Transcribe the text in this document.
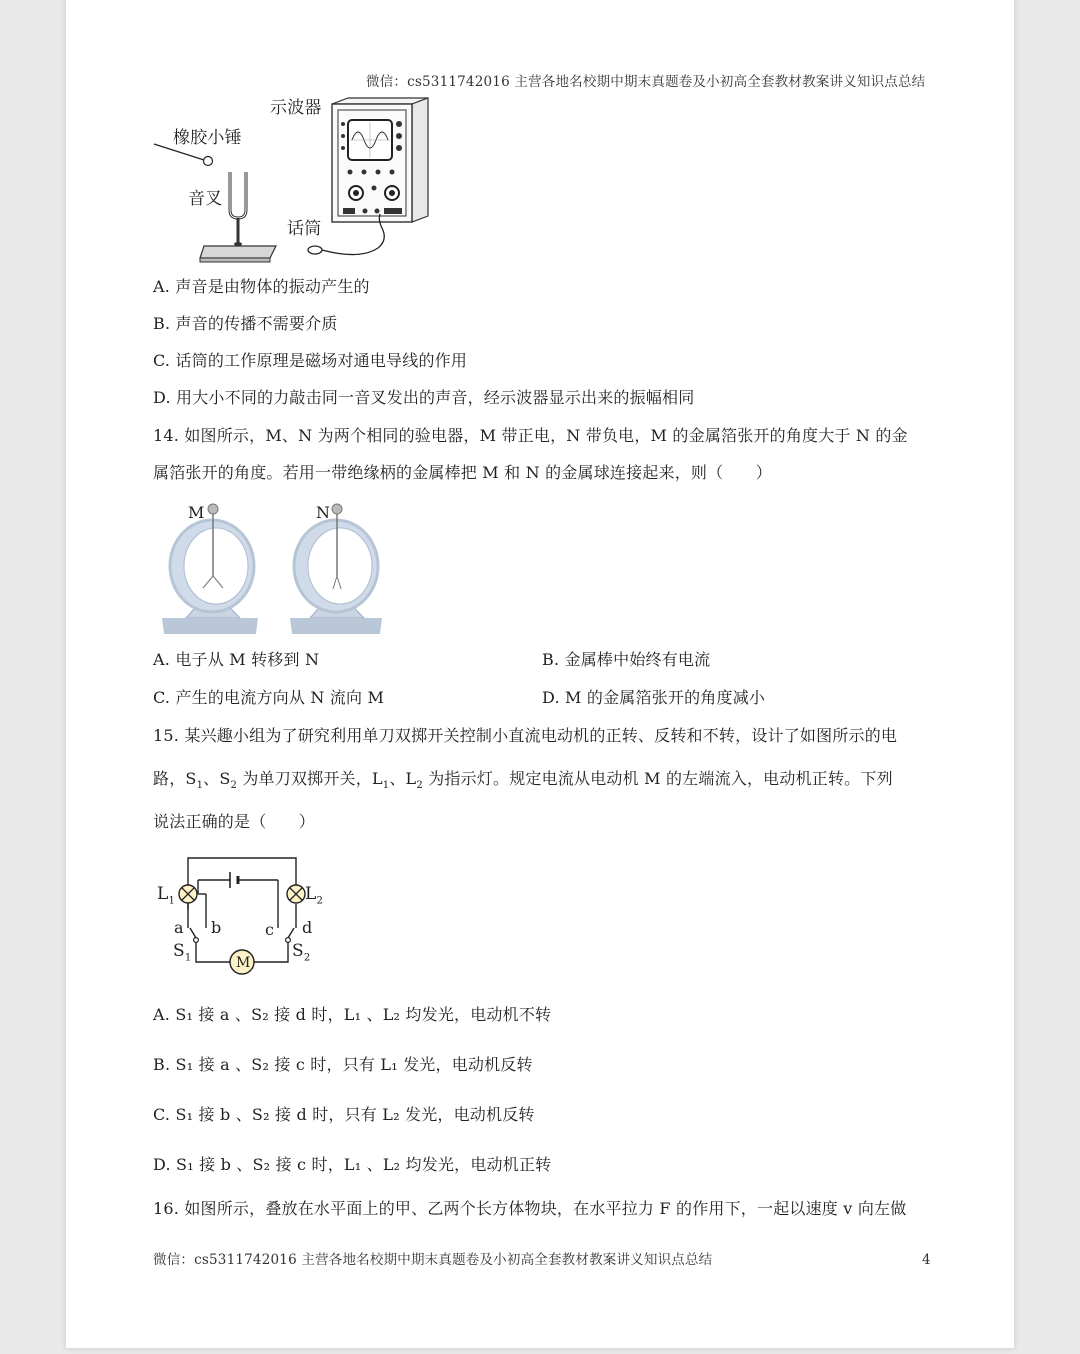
微信：cs5311742016 主营各地名校期中期末真题卷及小初高全套教材教案讲义知识点总结
示波器
橡胶小锤
音叉
话筒
A. 声音是由物体的振动产生的
B. 声音的传播不需要介质
C. 话筒的工作原理是磁场对通电导线的作用
D. 用大小不同的力敲击同一音叉发出的声音，经示波器显示出来的振幅相同
14. 如图所示，M、N 为两个相同的验电器，M 带正电，N 带负电，M 的金属箔张开的角度大于 N 的金
属箔张开的角度。若用一带绝缘柄的金属棒把 M 和 N 的金属球连接起来，则（　　）
M	N
A. 电子从 M 转移到 N	B. 金属棒中始终有电流
C. 产生的电流方向从 N 流向 M	D. M 的金属箔张开的角度减小
15. 某兴趣小组为了研究利用单刀双掷开关控制小直流电动机的正转、反转和不转，设计了如图所示的电
路，$S_1$、$S_2$ 为单刀双掷开关，$L_1$、$L_2$ 为指示灯。规定电流从电动机 M 的左端流入，电动机正转。下列
说法正确的是（　　）
$L_1$	$L_2$
a b	c d
$S_1$	$S_2$
M
A. S₁ 接 a 、S₂ 接 d 时，L₁ 、L₂ 均发光，电动机不转
B. S₁ 接 a 、S₂ 接 c 时，只有 L₁ 发光，电动机反转
C. S₁ 接 b 、S₂ 接 d 时，只有 L₂ 发光，电动机反转
D. S₁ 接 b 、S₂ 接 c 时，L₁ 、L₂ 均发光，电动机正转
16. 如图所示，叠放在水平面上的甲、乙两个长方体物块，在水平拉力 F 的作用下，一起以速度 v 向左做
微信：cs5311742016 主营各地名校期中期末真题卷及小初高全套教材教案讲义知识点总结	4
